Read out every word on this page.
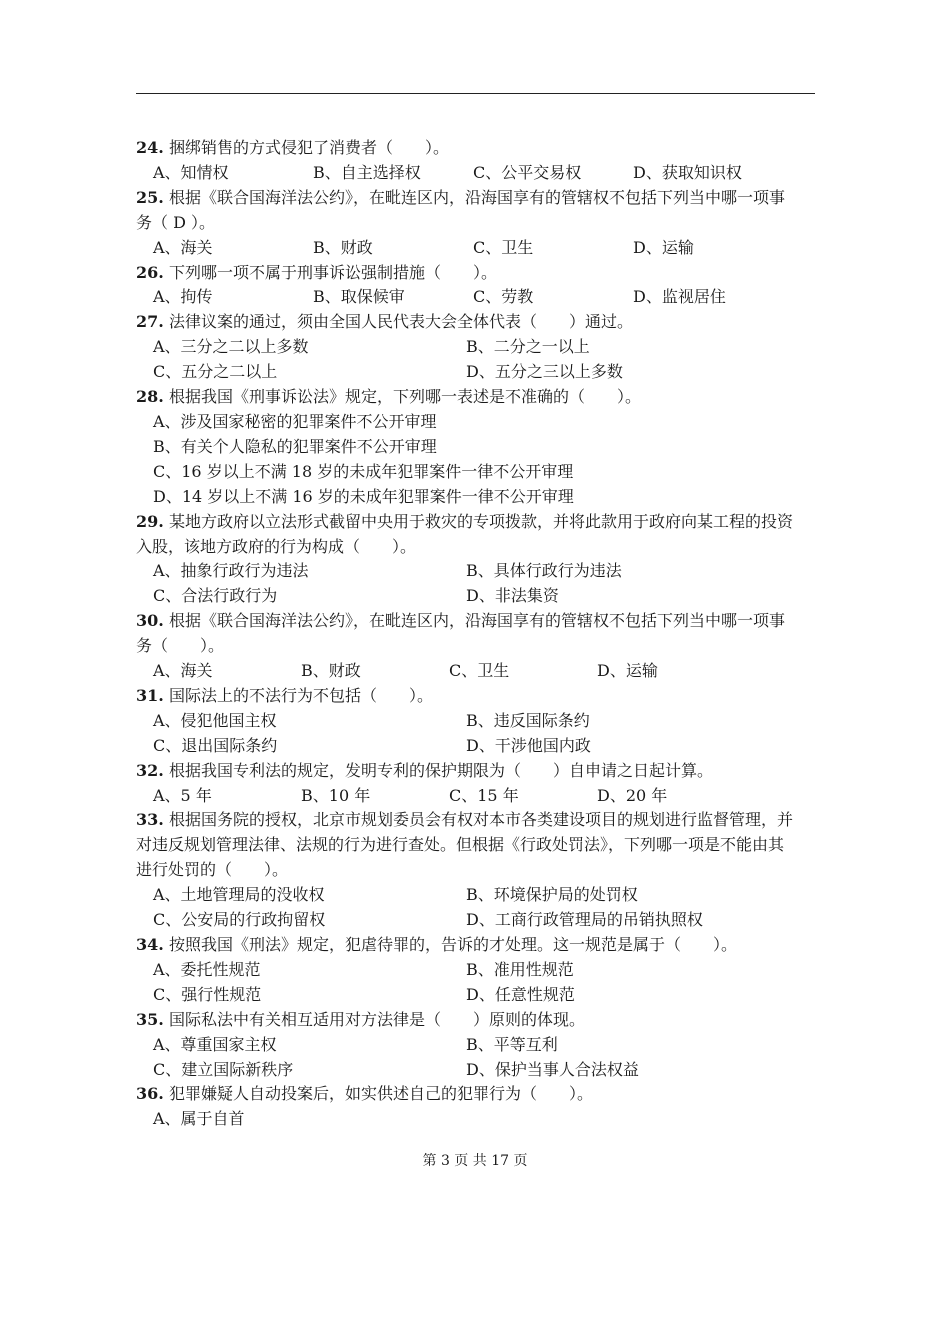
24. 捆绑销售的方式侵犯了消费者（　　）。
A、知情权	B、自主选择权	C、公平交易权	D、获取知识权
25. 根据《联合国海洋法公约》，在毗连区内，沿海国享有的管辖权不包括下列当中哪一项事
务（ D ）。
A、海关	B、财政	C、卫生	D、运输
26. 下列哪一项不属于刑事诉讼强制措施（　　）。
A、拘传	B、取保候审	C、劳教	D、监视居住
27. 法律议案的通过，须由全国人民代表大会全体代表（　　）通过。
A、三分之二以上多数	B、二分之一以上
C、五分之二以上	D、五分之三以上多数
28. 根据我国《刑事诉讼法》规定，下列哪一表述是不准确的（　　）。
A、涉及国家秘密的犯罪案件不公开审理
B、有关个人隐私的犯罪案件不公开审理
C、16 岁以上不满 18 岁的未成年犯罪案件一律不公开审理
D、14 岁以上不满 16 岁的未成年犯罪案件一律不公开审理
29. 某地方政府以立法形式截留中央用于救灾的专项拨款，并将此款用于政府向某工程的投资
入股，该地方政府的行为构成（　　）。
A、抽象行政行为违法	B、具体行政行为违法
C、合法行政行为	D、非法集资
30. 根据《联合国海洋法公约》，在毗连区内，沿海国享有的管辖权不包括下列当中哪一项事
务（　　）。
A、海关	B、财政	C、卫生	D、运输
31. 国际法上的不法行为不包括（　　）。
A、侵犯他国主权	B、违反国际条约
C、退出国际条约	D、干涉他国内政
32. 根据我国专利法的规定，发明专利的保护期限为（　　）自申请之日起计算。
A、5 年	B、10 年	C、15 年	D、20 年
33. 根据国务院的授权，北京市规划委员会有权对本市各类建设项目的规划进行监督管理，并
对违反规划管理法律、法规的行为进行查处。但根据《行政处罚法》，下列哪一项是不能由其
进行处罚的（　　）。
A、土地管理局的没收权	B、环境保护局的处罚权
C、公安局的行政拘留权	D、工商行政管理局的吊销执照权
34. 按照我国《刑法》规定，犯虐待罪的，告诉的才处理。这一规范是属于（　　）。
A、委托性规范	B、准用性规范
C、强行性规范	D、任意性规范
35. 国际私法中有关相互适用对方法律是（　　）原则的体现。
A、尊重国家主权	B、平等互利
C、建立国际新秩序	D、保护当事人合法权益
36. 犯罪嫌疑人自动投案后，如实供述自己的犯罪行为（　　）。
A、属于自首
第 3 页 共 17 页
